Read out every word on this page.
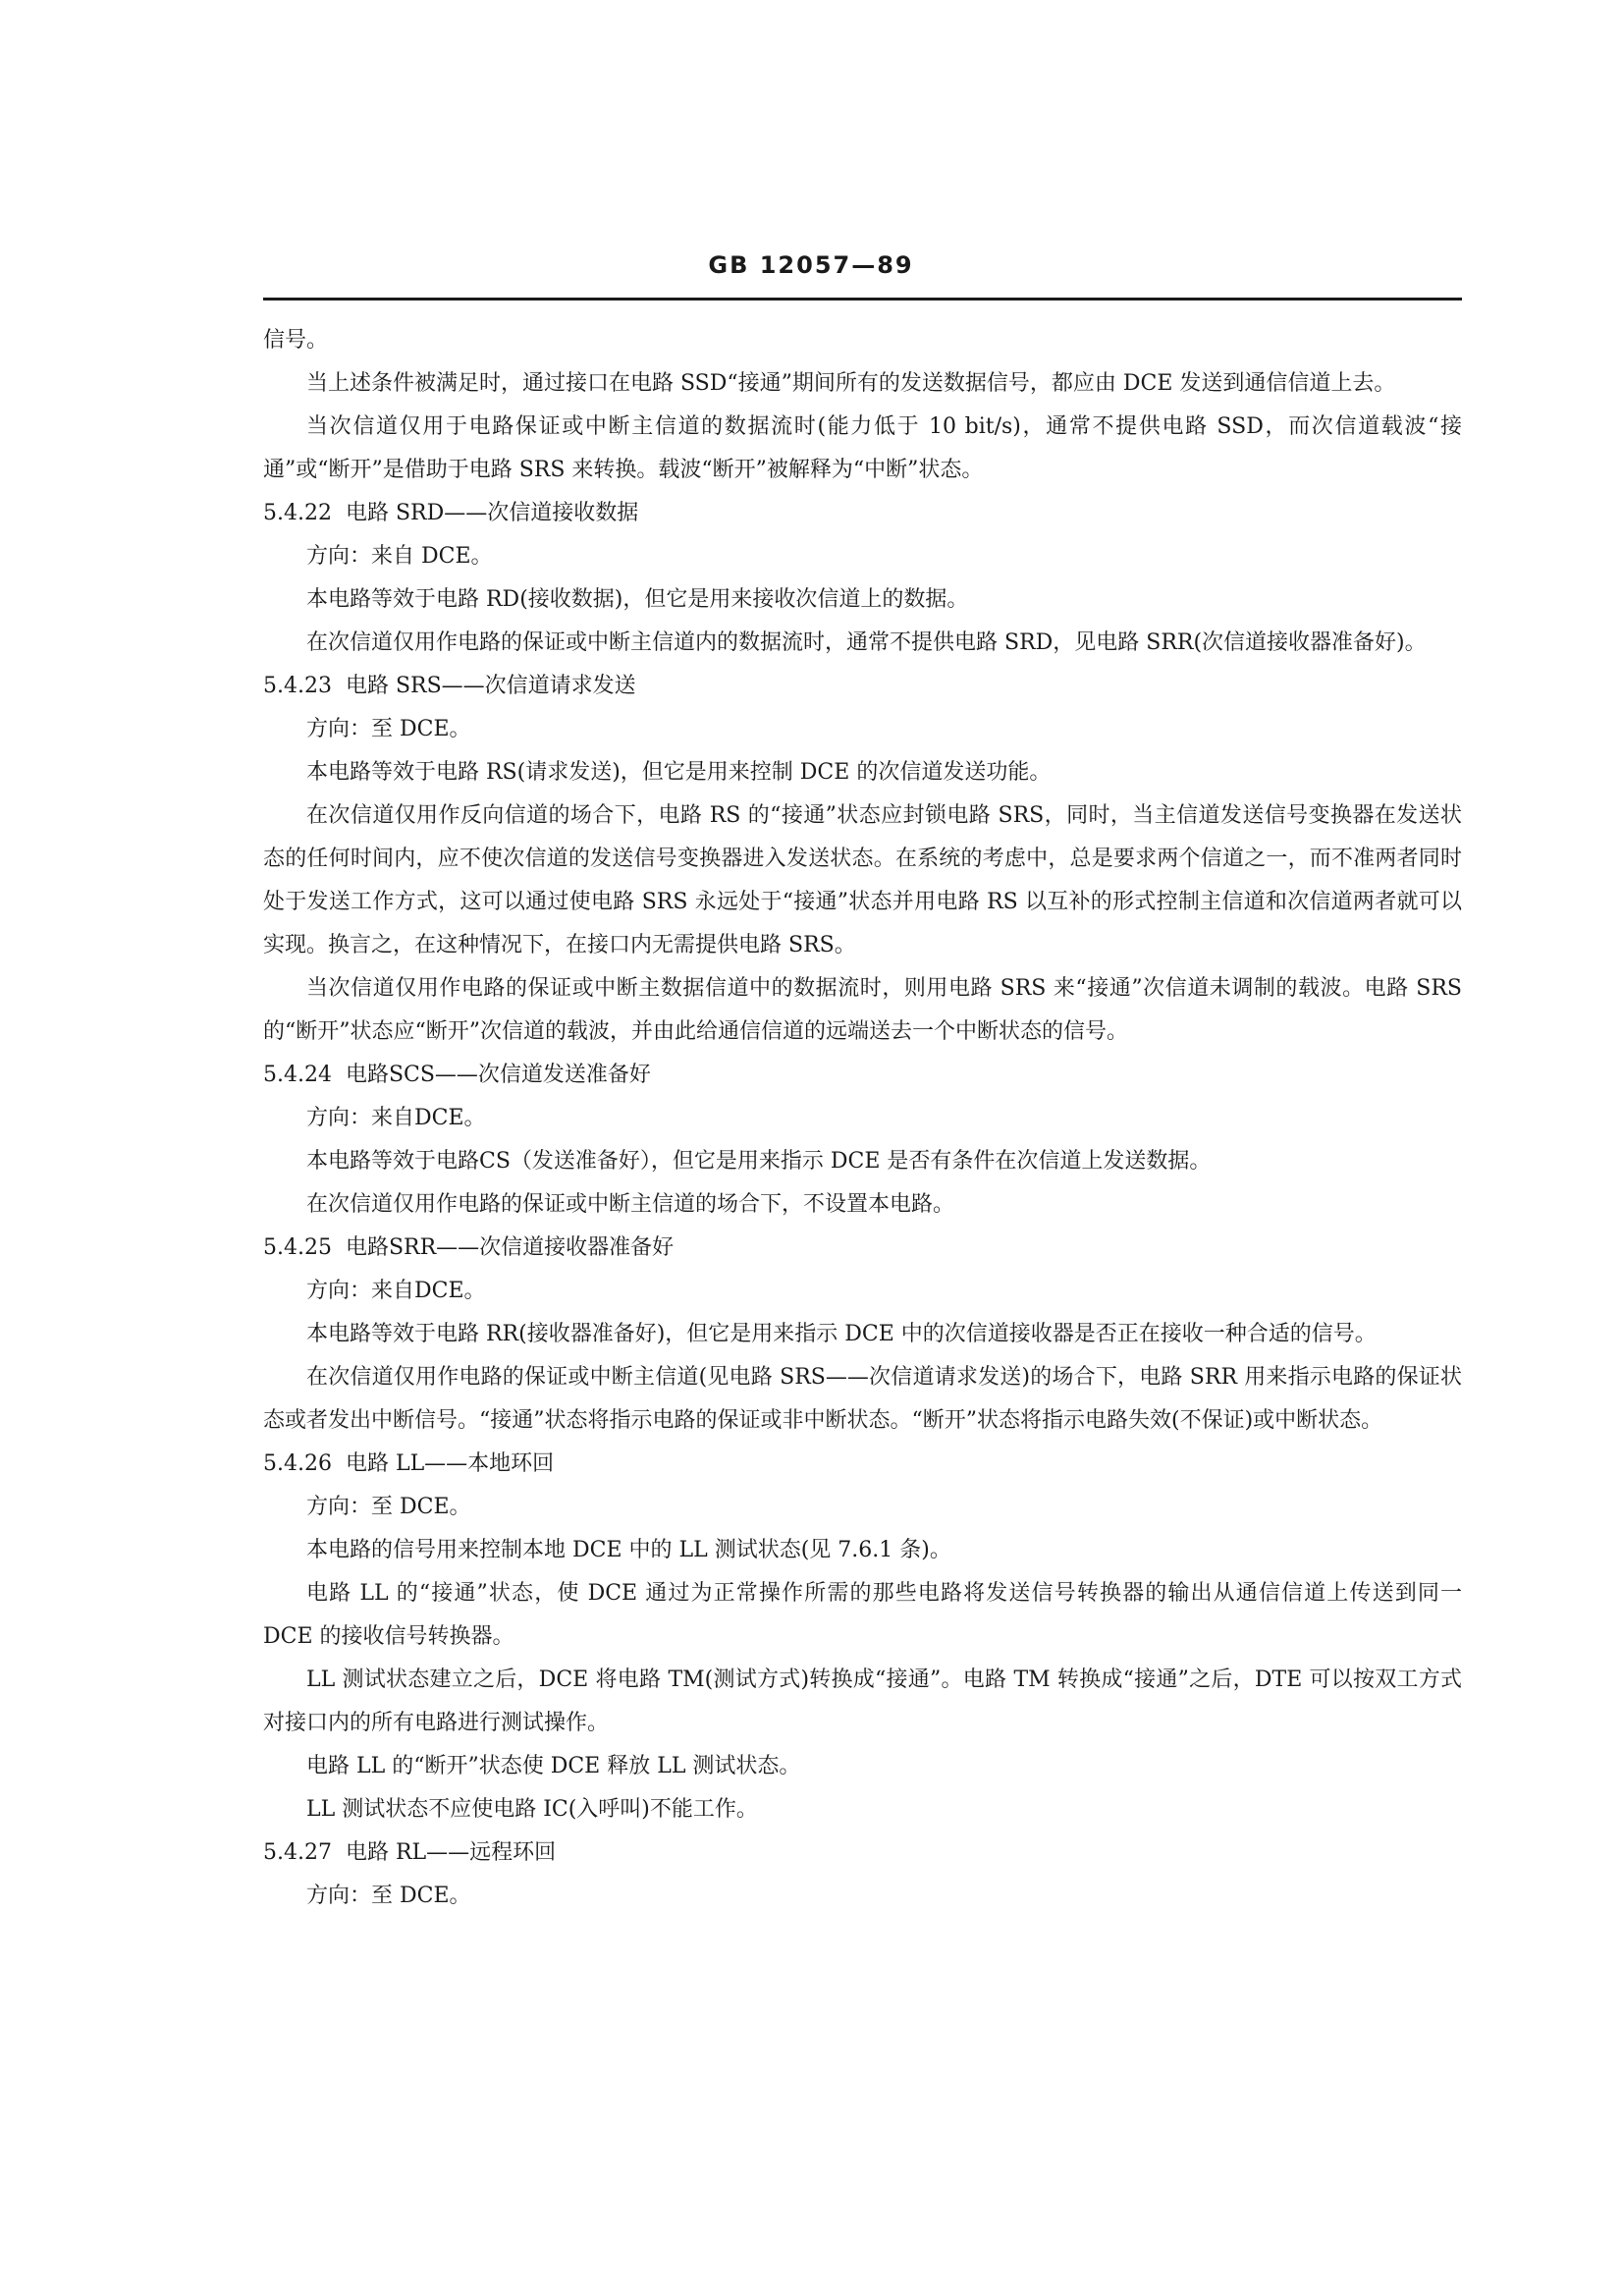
GB 12057—89

信号。

当上述条件被满足时，通过接口在电路 SSD“接通”期间所有的发送数据信号，都应由 DCE 发送到通信信道上去。

当次信道仅用于电路保证或中断主信道的数据流时(能力低于 10 bit/s)，通常不提供电路 SSD，而次信道载波“接通”或“断开”是借助于电路 SRS 来转换。载波“断开”被解释为“中断”状态。

5.4.22  电路 SRD——次信道接收数据

方向：来自 DCE。

本电路等效于电路 RD(接收数据)，但它是用来接收次信道上的数据。

在次信道仅用作电路的保证或中断主信道内的数据流时，通常不提供电路 SRD，见电路 SRR(次信道接收器准备好)。

5.4.23  电路 SRS——次信道请求发送

方向：至 DCE。

本电路等效于电路 RS(请求发送)，但它是用来控制 DCE 的次信道发送功能。

在次信道仅用作反向信道的场合下，电路 RS 的“接通”状态应封锁电路 SRS，同时，当主信道发送信号变换器在发送状态的任何时间内，应不使次信道的发送信号变换器进入发送状态。在系统的考虑中，总是要求两个信道之一，而不准两者同时处于发送工作方式，这可以通过使电路 SRS 永远处于“接通”状态并用电路 RS 以互补的形式控制主信道和次信道两者就可以实现。换言之，在这种情况下，在接口内无需提供电路 SRS。

当次信道仅用作电路的保证或中断主数据信道中的数据流时，则用电路 SRS 来“接通”次信道未调制的载波。电路 SRS 的“断开”状态应“断开”次信道的载波，并由此给通信信道的远端送去一个中断状态的信号。

5.4.24  电路SCS——次信道发送准备好

方向：来自DCE。

本电路等效于电路CS（发送准备好），但它是用来指示 DCE 是否有条件在次信道上发送数据。

在次信道仅用作电路的保证或中断主信道的场合下，不设置本电路。

5.4.25  电路SRR——次信道接收器准备好

方向：来自DCE。

本电路等效于电路 RR(接收器准备好)，但它是用来指示 DCE 中的次信道接收器是否正在接收一种合适的信号。

在次信道仅用作电路的保证或中断主信道(见电路 SRS——次信道请求发送)的场合下，电路 SRR 用来指示电路的保证状态或者发出中断信号。“接通”状态将指示电路的保证或非中断状态。“断开”状态将指示电路失效(不保证)或中断状态。

5.4.26  电路 LL——本地环回

方向：至 DCE。

本电路的信号用来控制本地 DCE 中的 LL 测试状态(见 7.6.1 条)。

电路 LL 的“接通”状态，使 DCE 通过为正常操作所需的那些电路将发送信号转换器的输出从通信信道上传送到同一 DCE 的接收信号转换器。

LL 测试状态建立之后，DCE 将电路 TM(测试方式)转换成“接通”。电路 TM 转换成“接通”之后，DTE 可以按双工方式对接口内的所有电路进行测试操作。

电路 LL 的“断开”状态使 DCE 释放 LL 测试状态。

LL 测试状态不应使电路 IC(入呼叫)不能工作。

5.4.27  电路 RL——远程环回

方向：至 DCE。
